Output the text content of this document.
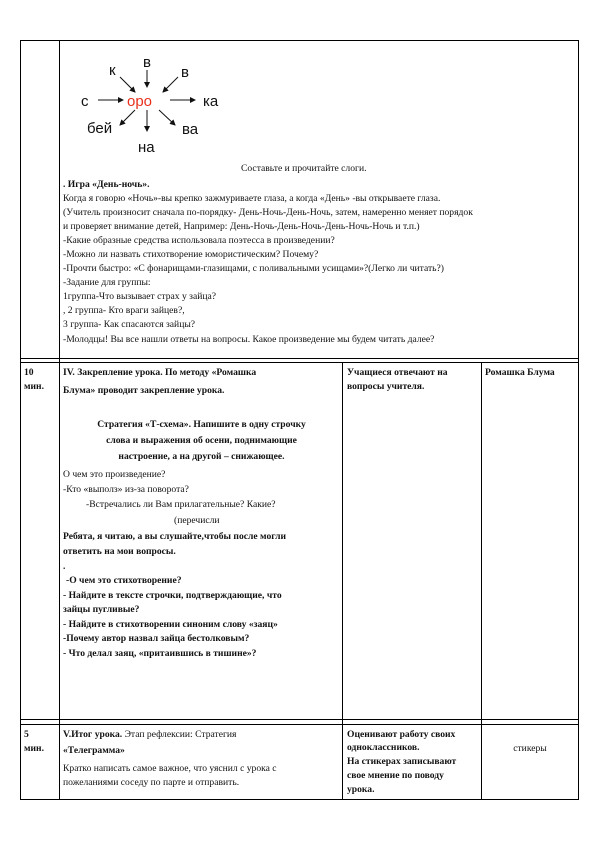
к в
в
с	ка
бей	ва
на
оро
Составьте и прочитайте слоги.
. Игра «День-ночь».
Когда я говорю «Ночь»-вы крепко зажмуриваете глаза, а когда «День» -вы открываете глаза.
(Учитель произносит сначала по-порядку- День-Ночь-День-Ночь, затем, намеренно меняет порядок
и проверяет внимание детей, Например: День-Ночь-День-Ночь-День-Ночь-Ночь и т.п.)
-Какие образные средства использовала поэтесса в произведении?
-Можно ли назвать стихотворение юмористическим? Почему?
-Прочти быстро: «С фонарищами-глазищами, с поливальными усищами»?(Легко ли читать?)
-Задание для группы:
1группа-Что вызывает страх у зайца?
, 2 группа- Кто враги зайцев?,
3 группа- Как спасаются зайцы?
-Молодцы! Вы все нашли ответы на вопросы. Какое произведение мы будем читать далее?
10
мин.
IV. Закрепление урока. По методу «Ромашка
Блума» проводит закрепление урока.
Стратегия «Т-схема». Напишите в одну строчку
слова и выражения об осени, поднимающие
настроение, а на другой – снижающее.
О чем это произведение?
-Кто «выполз» из-за поворота?
-Встречались ли Вам прилагательные? Какие?
(перечисли
Ребята, я читаю, а вы слушайте,чтобы после могли
ответить на мои вопросы.
.
-О чем это стихотворение?
- Найдите в тексте строчки, подтверждающие, что
зайцы пугливые?
- Найдите в стихотворении синоним слову «заяц»
-Почему автор назвал зайца бестолковым?
- Что делал заяц, «притаившись в тишине»?
Учащиеся отвечают на
вопросы учителя.
Ромашка Блума
5
мин.
V.Итог урока. Этап рефлексии: Стратегия
«Телеграмма»
Кратко написать самое важное, что уяснил с урока с
пожеланиями соседу по парте и отправить.
Оценивают работу своих
одноклассников.
На стикерах записывают
свое мнение по поводу
урока.
стикеры
